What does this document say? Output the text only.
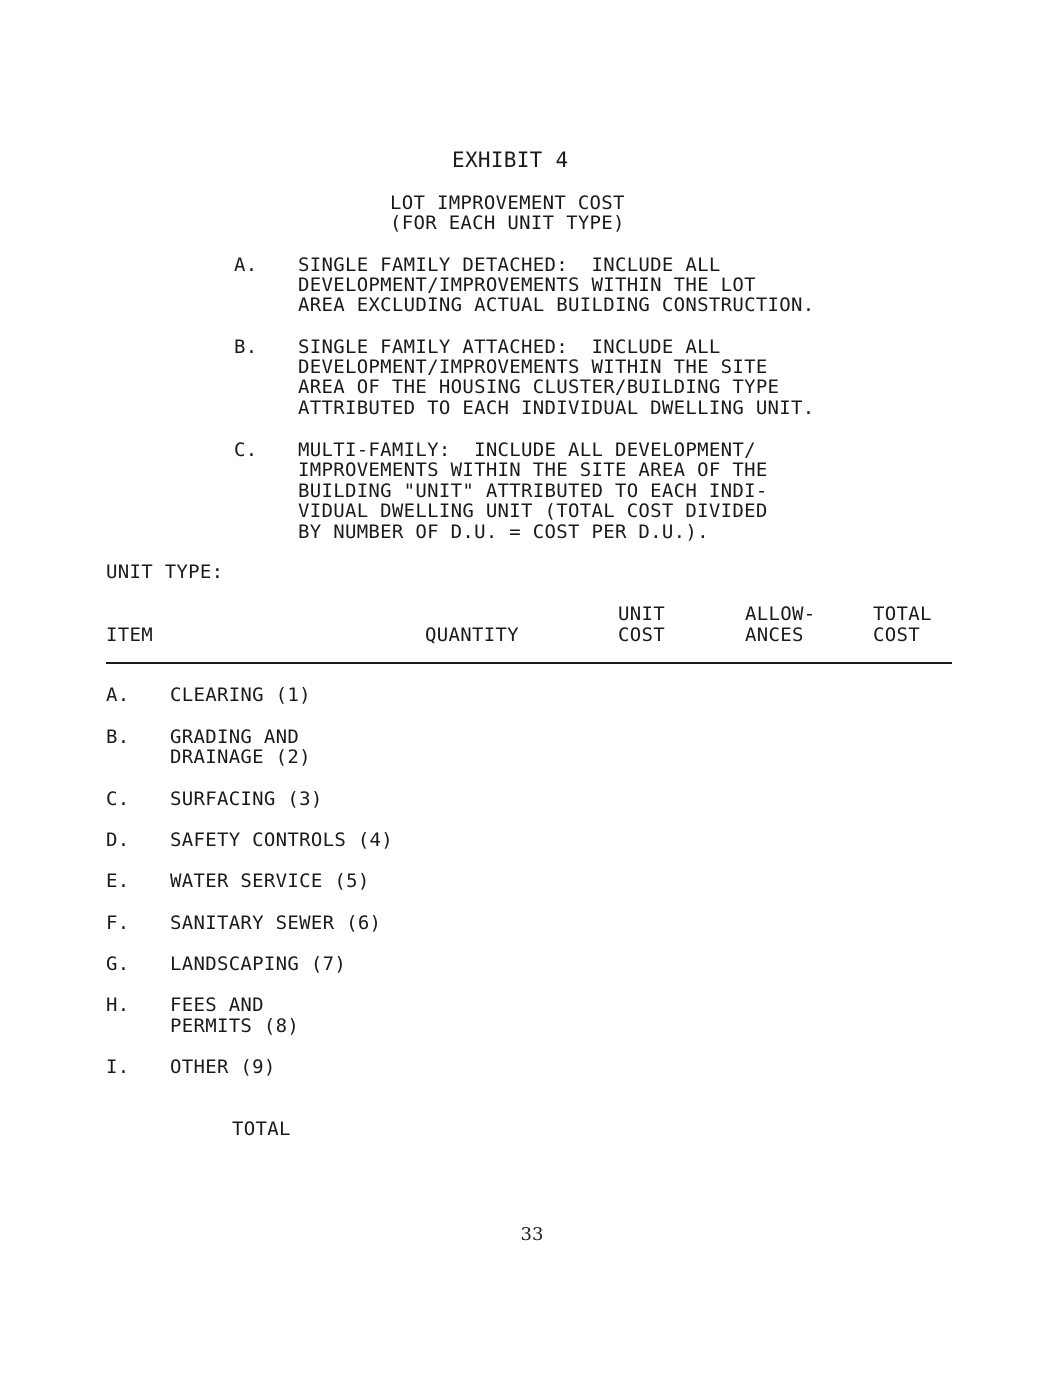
EXHIBIT 4
LOT IMPROVEMENT COST
(FOR EACH UNIT TYPE)
A. SINGLE FAMILY DETACHED:  INCLUDE ALL
DEVELOPMENT/IMPROVEMENTS WITHIN THE LOT
AREA EXCLUDING ACTUAL BUILDING CONSTRUCTION.
B. SINGLE FAMILY ATTACHED:  INCLUDE ALL
DEVELOPMENT/IMPROVEMENTS WITHIN THE SITE
AREA OF THE HOUSING CLUSTER/BUILDING TYPE
ATTRIBUTED TO EACH INDIVIDUAL DWELLING UNIT.
C. MULTI-FAMILY:  INCLUDE ALL DEVELOPMENT/
IMPROVEMENTS WITHIN THE SITE AREA OF THE
BUILDING "UNIT" ATTRIBUTED TO EACH INDI-
VIDUAL DWELLING UNIT (TOTAL COST DIVIDED
BY NUMBER OF D.U. = COST PER D.U.).
UNIT TYPE:
ITEM	QUANTITY
UNIT
COST
ALLOW-
ANCES
TOTAL
COST
A. CLEARING (1)
B. GRADING AND
DRAINAGE (2)
C. SURFACING (3)
D. SAFETY CONTROLS (4)
E. WATER SERVICE (5)
F. SANITARY SEWER (6)
G. LANDSCAPING (7)
H. FEES AND
PERMITS (8)
I. OTHER (9)
TOTAL
33
